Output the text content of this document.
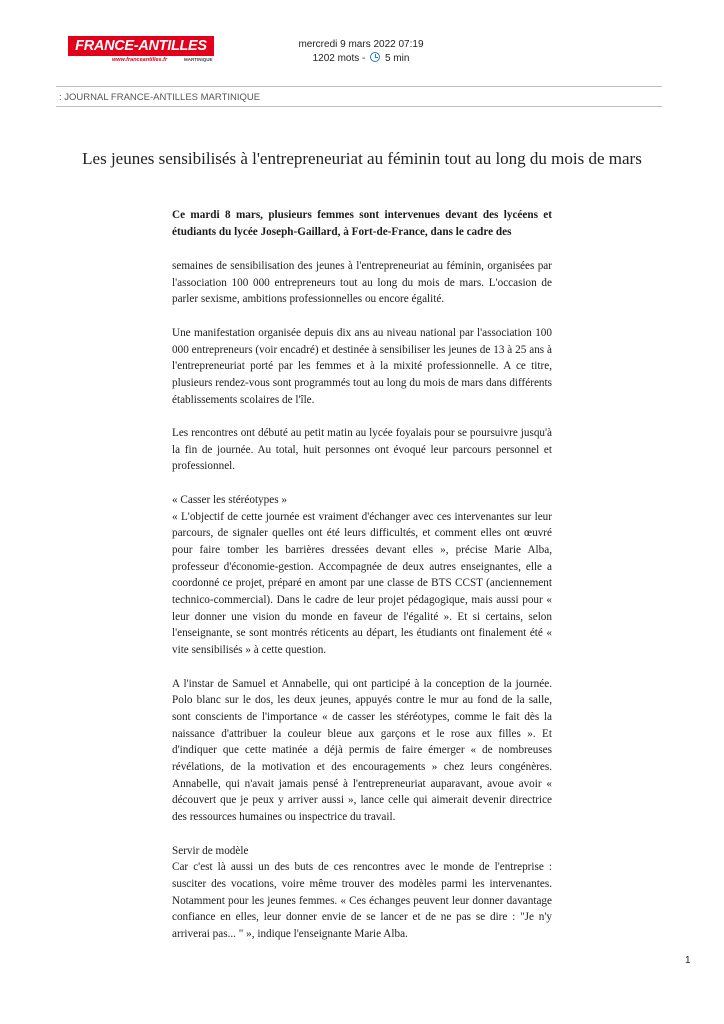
FRANCE-ANTILLES
www.franceantilles.fr	MARTINIQUE
mercredi 9 mars 2022 07:19
1202 mots - 5 min
: JOURNAL FRANCE-ANTILLES MARTINIQUE
Les jeunes sensibilisés à l'entrepreneuriat au féminin tout au long du mois de mars
Ce mardi 8 mars, plusieurs femmes sont intervenues devant des lycéens et étudiants du lycée Joseph-Gaillard, à Fort-de-France, dans le cadre des

semaines de sensibilisation des jeunes à l'entrepreneuriat au féminin, organisées par l'association 100 000 entrepreneurs tout au long du mois de mars. L'occasion de parler sexisme, ambitions professionnelles ou encore égalité.

Une manifestation organisée depuis dix ans au niveau national par l'association 100 000 entrepreneurs (voir encadré) et destinée à sensibiliser les jeunes de 13 à 25 ans à l'entrepreneuriat porté par les femmes et à la mixité professionnelle. A ce titre, plusieurs rendez-vous sont programmés tout au long du mois de mars dans différents établissements scolaires de l'île.

Les rencontres ont débuté au petit matin au lycée foyalais pour se poursuivre jusqu'à la fin de journée. Au total, huit personnes ont évoqué leur parcours personnel et professionnel.

« Casser les stéréotypes »

« L'objectif de cette journée est vraiment d'échanger avec ces intervenantes sur leur parcours, de signaler quelles ont été leurs difficultés, et comment elles ont œuvré pour faire tomber les barrières dressées devant elles », précise Marie Alba, professeur d'économie-gestion. Accompagnée de deux autres enseignantes, elle a coordonné ce projet, préparé en amont par une classe de BTS CCST (anciennement technico-commercial). Dans le cadre de leur projet pédagogique, mais aussi pour « leur donner une vision du monde en faveur de l'égalité ». Et si certains, selon l'enseignante, se sont montrés réticents au départ, les étudiants ont finalement été « vite sensibilisés » à cette question.

A l'instar de Samuel et Annabelle, qui ont participé à la conception de la journée. Polo blanc sur le dos, les deux jeunes, appuyés contre le mur au fond de la salle, sont conscients de l'importance « de casser les stéréotypes, comme le fait dès la naissance d'attribuer la couleur bleue aux garçons et le rose aux filles ». Et d'indiquer que cette matinée a déjà permis de faire émerger « de nombreuses révélations, de la motivation et des encouragements » chez leurs congénères. Annabelle, qui n'avait jamais pensé à l'entrepreneuriat auparavant, avoue avoir « découvert que je peux y arriver aussi », lance celle qui aimerait devenir directrice des ressources humaines ou inspectrice du travail.

Servir de modèle

Car c'est là aussi un des buts de ces rencontres avec le monde de l'entreprise : susciter des vocations, voire même trouver des modèles parmi les intervenantes. Notamment pour les jeunes femmes. « Ces échanges peuvent leur donner davantage confiance en elles, leur donner envie de se lancer et de ne pas se dire : "Je n'y arriverai pas... " », indique l'enseignante Marie Alba.

1
